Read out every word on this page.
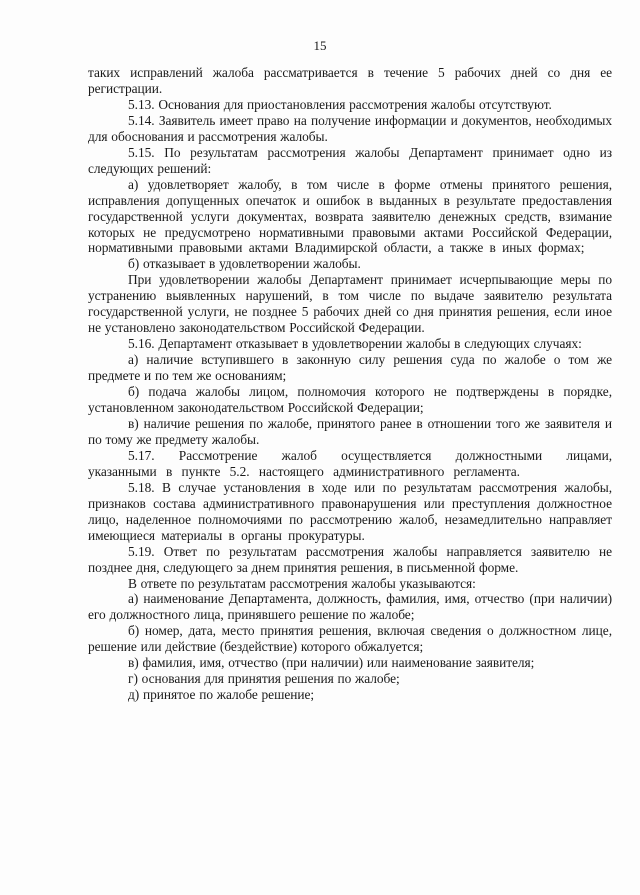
15

таких исправлений жалоба рассматривается в течение 5 рабочих дней со дня ее регистрации.

5.13. Основания для приостановления рассмотрения жалобы отсутствуют.

5.14. Заявитель имеет право на получение информации и документов, необходимых для обоснования и рассмотрения жалобы.

5.15. По результатам рассмотрения жалобы Департамент принимает одно из следующих решений:

а) удовлетворяет жалобу, в том числе в форме отмены принятого решения, исправления допущенных опечаток и ошибок в выданных в результате предоставления государственной услуги документах, возврата заявителю денежных средств, взимание которых не предусмотрено нормативными правовыми актами Российской Федерации, нормативными правовыми актами Владимирской области, а также в иных формах;

б) отказывает в удовлетворении жалобы.

При удовлетворении жалобы Департамент принимает исчерпывающие меры по устранению выявленных нарушений, в том числе по выдаче заявителю результата государственной услуги, не позднее 5 рабочих дней со дня принятия решения, если иное не установлено законодательством Российской Федерации.

5.16. Департамент отказывает в удовлетворении жалобы в следующих случаях:

а) наличие вступившего в законную силу решения суда по жалобе о том же предмете и по тем же основаниям;

б) подача жалобы лицом, полномочия которого не подтверждены в порядке, установленном законодательством Российской Федерации;

в) наличие решения по жалобе, принятого ранее в отношении того же заявителя и по тому же предмету жалобы.

5.17. Рассмотрение жалоб осуществляется должностными лицами, указанными в пункте 5.2. настоящего административного регламента.

5.18. В случае установления в ходе или по результатам рассмотрения жалобы, признаков состава административного правонарушения или преступления должностное лицо, наделенное полномочиями по рассмотрению жалоб, незамедлительно направляет имеющиеся материалы в органы прокуратуры.

5.19. Ответ по результатам рассмотрения жалобы направляется заявителю не позднее дня, следующего за днем принятия решения, в письменной форме.

В ответе по результатам рассмотрения жалобы указываются:

а) наименование Департамента, должность, фамилия, имя, отчество (при наличии) его должностного лица, принявшего решение по жалобе;

б) номер, дата, место принятия решения, включая сведения о должностном лице, решение или действие (бездействие) которого обжалуется;

в) фамилия, имя, отчество (при наличии) или наименование заявителя;

г) основания для принятия решения по жалобе;

д) принятое по жалобе решение;
